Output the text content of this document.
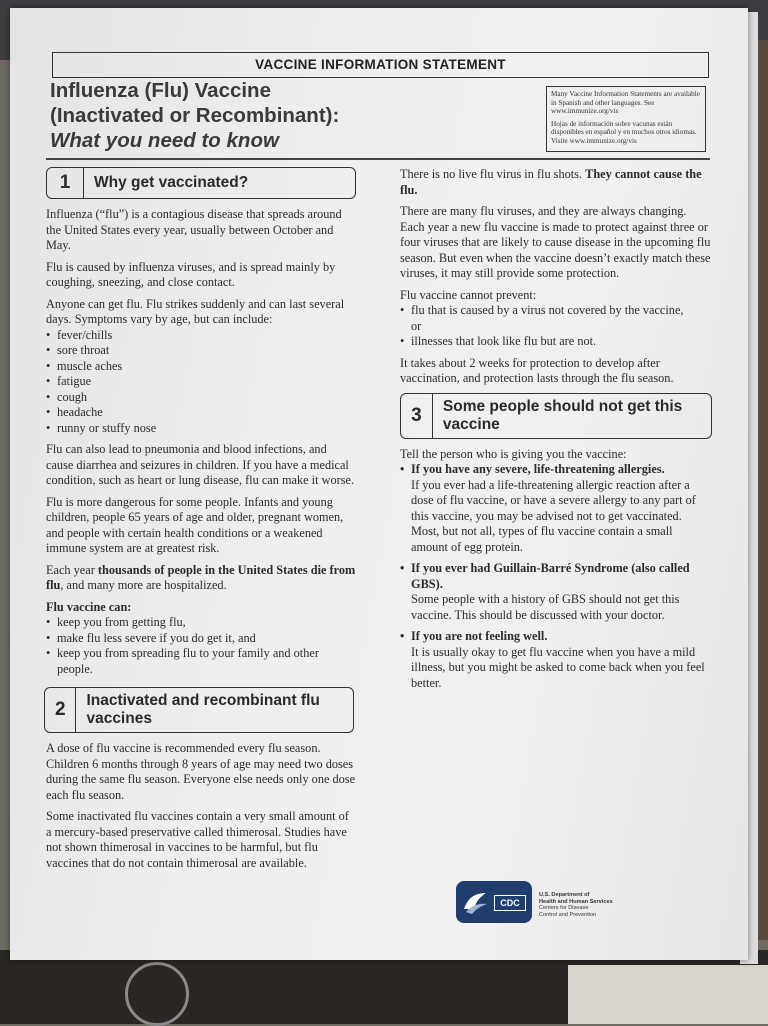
VACCINE INFORMATION STATEMENT
Influenza (Flu) Vaccine
(Inactivated or Recombinant):
What you need to know

Many Vaccine Information Statements are available in Spanish and other languages. See www.immunize.org/vis

Hojas de información sobre vacunas están disponibles en español y en muchos otros idiomas. Visite www.immunize.org/vis

1	Why get vaccinated?

Influenza (“flu”) is a contagious disease that spreads around the United States every year, usually between October and May.

Flu is caused by influenza viruses, and is spread mainly by coughing, sneezing, and close contact.

Anyone can get flu. Flu strikes suddenly and can last several days. Symptoms vary by age, but can include:

• fever/chills
• sore throat
• muscle aches
• fatigue
• cough
• headache
• runny or stuffy nose

Flu can also lead to pneumonia and blood infections, and cause diarrhea and seizures in children. If you have a medical condition, such as heart or lung disease, flu can make it worse.

Flu is more dangerous for some people. Infants and young children, people 65 years of age and older, pregnant women, and people with certain health conditions or a weakened immune system are at greatest risk.

Each year thousands of people in the United States die from flu, and many more are hospitalized.

Flu vaccine can:

• keep you from getting flu,
• make flu less severe if you do get it, and
• keep you from spreading flu to your family and other people.
2	Inactivated and recombinant flu vaccines

A dose of flu vaccine is recommended every flu season. Children 6 months through 8 years of age may need two doses during the same flu season. Everyone else needs only one dose each flu season.

Some inactivated flu vaccines contain a very small amount of a mercury-based preservative called thimerosal. Studies have not shown thimerosal in vaccines to be harmful, but flu vaccines that do not contain thimerosal are available.

There is no live flu virus in flu shots. They cannot cause the flu.

There are many flu viruses, and they are always changing. Each year a new flu vaccine is made to protect against three or four viruses that are likely to cause disease in the upcoming flu season. But even when the vaccine doesn’t exactly match these viruses, it may still provide some protection.

Flu vaccine cannot prevent:

• flu that is caused by a virus not covered by the vaccine,
or
• illnesses that look like flu but are not.

It takes about 2 weeks for protection to develop after vaccination, and protection lasts through the flu season.

3	Some people should not get this vaccine

Tell the person who is giving you the vaccine:

• If you have any severe, life-threatening allergies.
If you ever had a life-threatening allergic reaction after a dose of flu vaccine, or have a severe allergy to any part of this vaccine, you may be advised not to get vaccinated. Most, but not all, types of flu vaccine contain a small amount of egg protein.
• If you ever had Guillain-Barré Syndrome (also called GBS).
Some people with a history of GBS should not get this vaccine. This should be discussed with your doctor.
• If you are not feeling well.
It is usually okay to get flu vaccine when you have a mild illness, but you might be asked to come back when you feel better.
CDC
U.S. Department of
Health and Human Services
Centers for Disease
Control and Prevention
